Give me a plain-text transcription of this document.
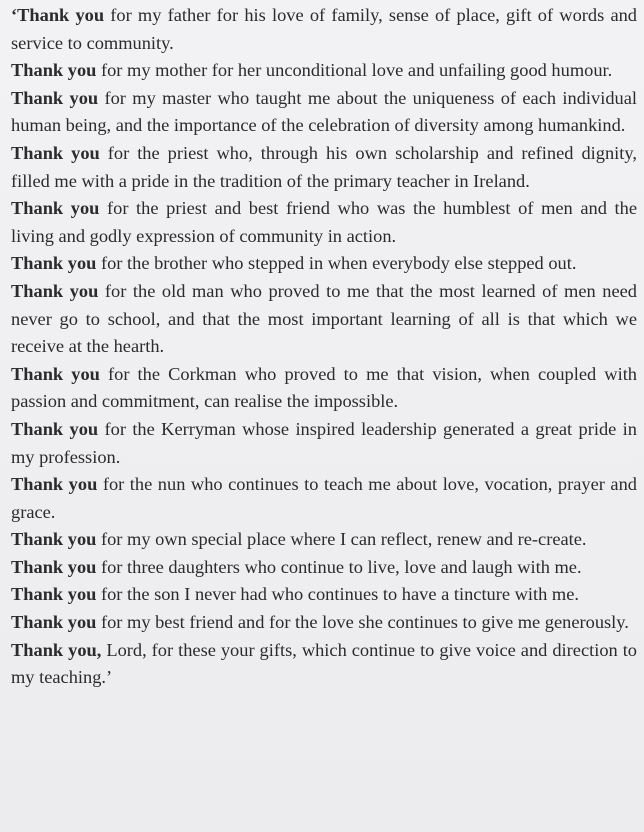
‘Thank you for my father for his love of family, sense of place, gift of words and service to community.

Thank you for my mother for her unconditional love and unfailing good humour.

Thank you for my master who taught me about the uniqueness of each individual human being, and the importance of the celebration of diversity among humankind.

Thank you for the priest who, through his own scholarship and refined dignity, filled me with a pride in the tradition of the primary teacher in Ireland.

Thank you for the priest and best friend who was the humblest of men and the living and godly expression of community in action.

Thank you for the brother who stepped in when everybody else stepped out.

Thank you for the old man who proved to me that the most learned of men need never go to school, and that the most important learning of all is that which we receive at the hearth.

Thank you for the Corkman who proved to me that vision, when coupled with passion and commitment, can realise the impossible.

Thank you for the Kerryman whose inspired leadership generated a great pride in my profession.

Thank you for the nun who continues to teach me about love, vocation, prayer and grace.

Thank you for my own special place where I can reflect, renew and re-create.

Thank you for three daughters who continue to live, love and laugh with me.

Thank you for the son I never had who continues to have a tincture with me.

Thank you for my best friend and for the love she continues to give me generously.

Thank you, Lord, for these your gifts, which continue to give voice and direction to my teaching.’
